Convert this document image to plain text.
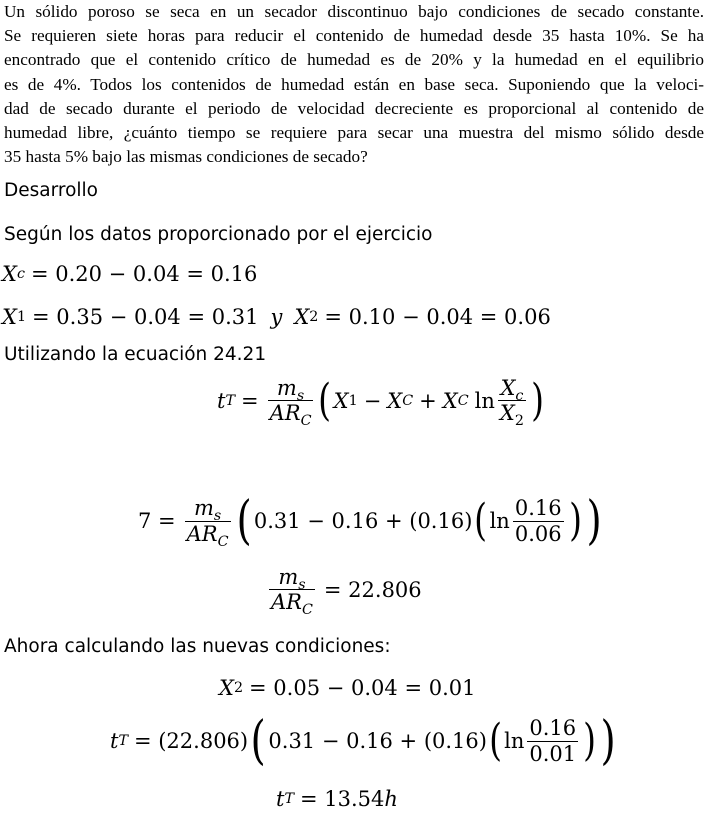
Un sólido poroso se seca en un secador discontinuo bajo condiciones de secado constante.
Se requieren siete horas para reducir el contenido de humedad desde 35 hasta 10%. Se ha
encontrado que el contenido crítico de humedad es de 20% y la humedad en el equilibrio
es de 4%. Todos los contenidos de humedad están en base seca. Suponiendo que la veloci-
dad de secado durante el periodo de velocidad decreciente es proporcional al contenido de
humedad libre, ¿cuánto tiempo se requiere para secar una muestra del mismo sólido desde
35 hasta 5% bajo las mismas condiciones de secado?
Desarrollo
Según los datos proporcionado por el ejercicio
X c = 0.20 − 0.04 = 0.16
X 1 = 0.35 − 0.04 = 0.31 y X 2 = 0.10 − 0.04 = 0.06
Utilizando la ecuación 24.21
t $T = \frac{m_s}{AR_C}$ ( X 1 − X C + X C $\ln \frac{X_c}{X_2}$ )
$7 = \frac{m_s}{AR_C}$ ( 0.31 − 0.16 + (0.16) ( $\ln \frac{0.16}{0.06}$ ) )
$\frac{m_s}{AR_C} = 22.806$
Ahora calculando las nuevas condiciones:
X 2 = 0.05 − 0.04 = 0.01
t T = (22.806) ( 0.31 − 0.16 + (0.16) ( $\ln \frac{0.16}{0.01}$ ) )
t T = 13.54 h
